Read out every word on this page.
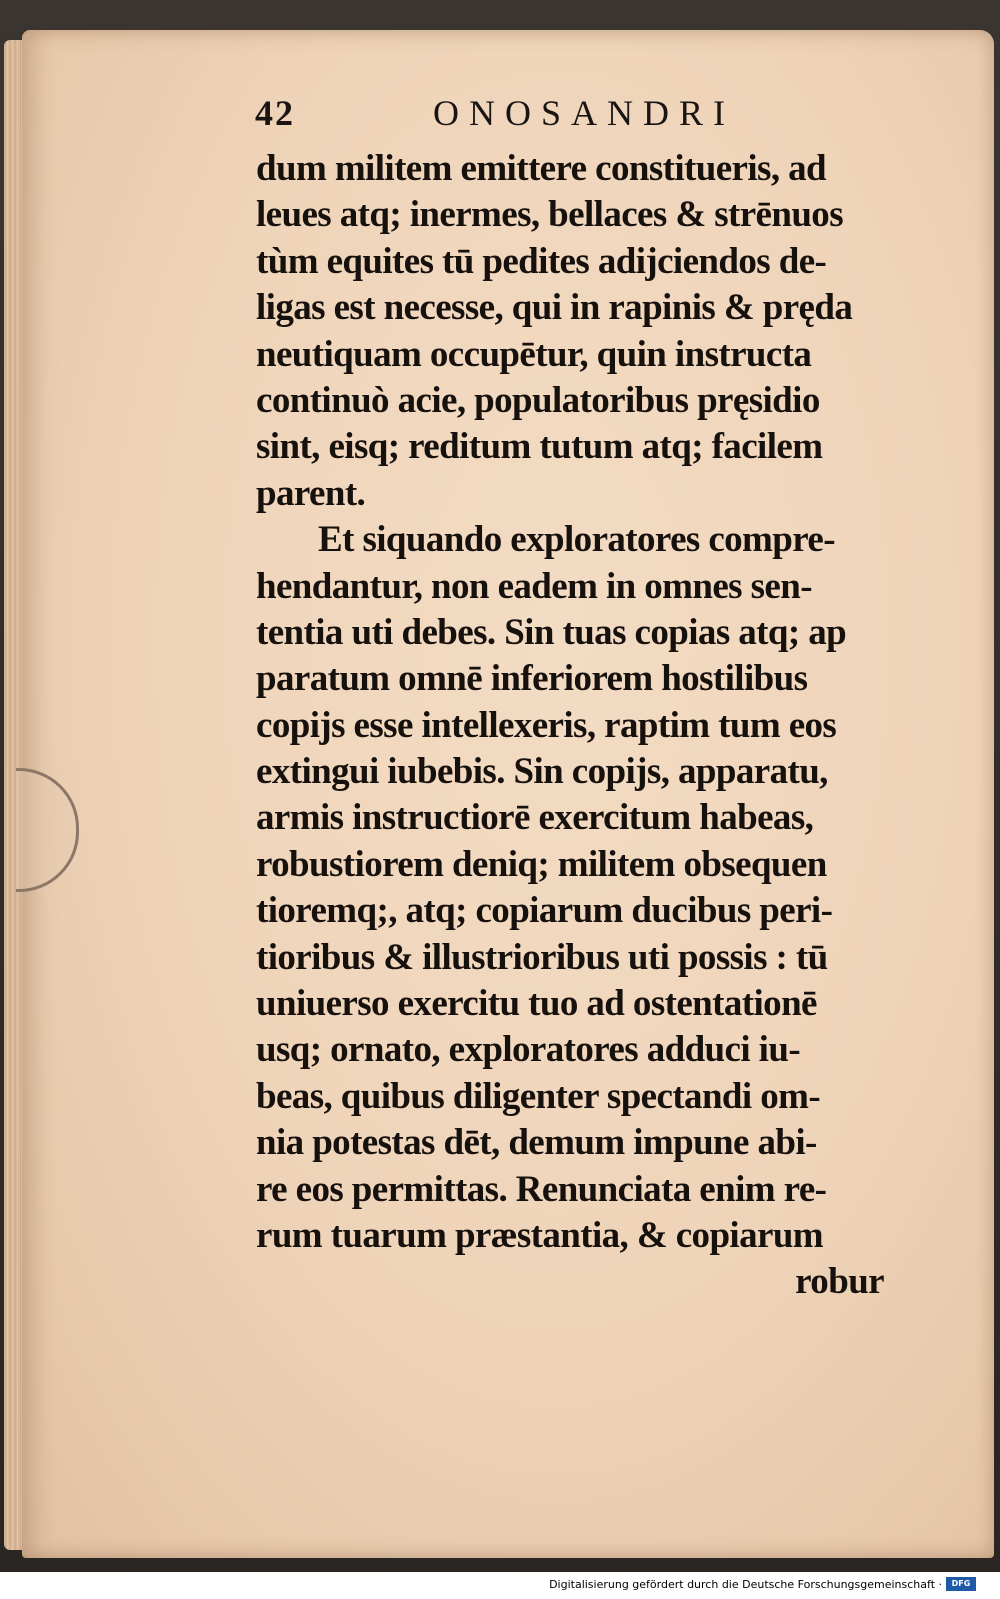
42	ONOSANDRI
dum militem emittere constitueris, ad
leues atq; inermes, bellaces & strēnuos
tùm equites tū pedites adijciendos de-
ligas est necesse, qui in rapinis & pręda
neutiquam occupētur, quin instructa
continuò acie, populatoribus pręsidio
sint, eisq; reditum tutum atq; facilem
parent.
Et siquando exploratores compre-
hendantur, non eadem in omnes sen-
tentia uti debes. Sin tuas copias atq; ap
paratum omnē inferiorem hostilibus
copijs esse intellexeris, raptim tum eos
extingui iubebis. Sin copijs, apparatu,
armis instructiorē exercitum habeas,
robustiorem deniq; militem obsequen
tioremq;, atq; copiarum ducibus peri-
tioribus & illustrioribus uti possis : tū
uniuerso exercitu tuo ad ostentationē
usq; ornato, exploratores adduci iu-
beas, quibus diligenter spectandi om-
nia potestas dēt, demum impune abi-
re eos permittas. Renunciata enim re-
rum tuarum præstantia, & copiarum
robur
Digitalisierung gefördert durch die Deutsche Forschungsgemeinschaft ·	DFG
